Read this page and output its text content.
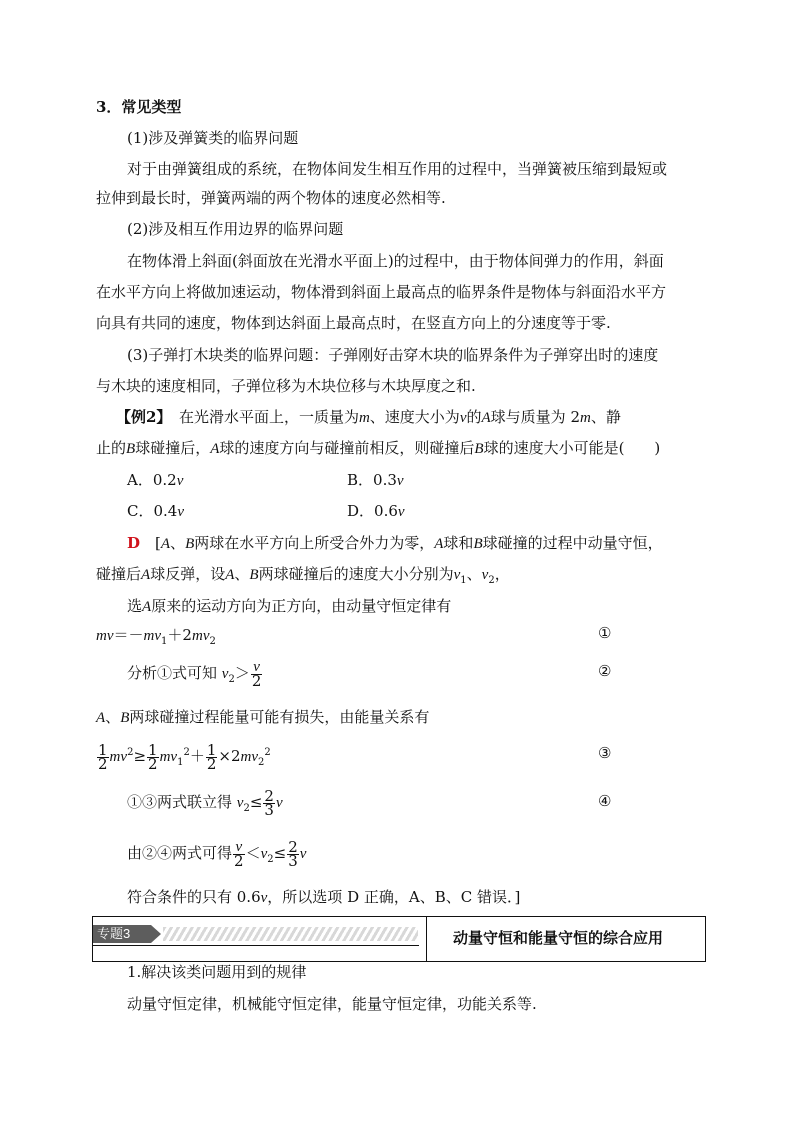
3．常见类型
(1)涉及弹簧类的临界问题
对于由弹簧组成的系统，在物体间发生相互作用的过程中，当弹簧被压缩到最短或
拉伸到最长时，弹簧两端的两个物体的速度必然相等.
(2)涉及相互作用边界的临界问题
在物体滑上斜面(斜面放在光滑水平面上)的过程中，由于物体间弹力的作用，斜面
在水平方向上将做加速运动，物体滑到斜面上最高点的临界条件是物体与斜面沿水平方
向具有共同的速度，物体到达斜面上最高点时，在竖直方向上的分速度等于零.
(3)子弹打木块类的临界问题：子弹刚好击穿木块的临界条件为子弹穿出时的速度
与木块的速度相同，子弹位移为木块位移与木块厚度之和.
【例2】　在光滑水平面上，一质量为m、速度大小为v的A球与质量为 2m、静
止的B球碰撞后，A球的速度方向与碰撞前相反，则碰撞后B球的速度大小可能是(　　)
A．0.2v	B．0.3v
C．0.4v	D．0.6v
D　[A、B两球在水平方向上所受合外力为零，A球和B球碰撞的过程中动量守恒，
碰撞后A球反弹，设A、B两球碰撞后的速度大小分别为$v_1$、$v_2$，
选A原来的运动方向为正方向，由动量守恒定律有
$mv=-mv_1+2mv_2$	①
分析①式可知 $v_2> \frac{v}{2}$	②
A、B两球碰撞过程能量可能有损失，由能量关系有
$\frac{1}{2} mv^2\ge \frac{1}{2} mv_1^2+ \frac{1}{2} \times 2mv_2^2$	③
①③两式联立得 $v_2\le \frac{2}{3}$ v	④
由②④两式可得 $\frac{v}{2} <v_2\le \frac{2}{3}$ v
符合条件的只有 0.6v，所以选项 D 正确，A、B、C 错误．]
专题3	动量守恒和能量守恒的综合应用
1.解决该类问题用到的规律
动量守恒定律，机械能守恒定律，能量守恒定律，功能关系等.
